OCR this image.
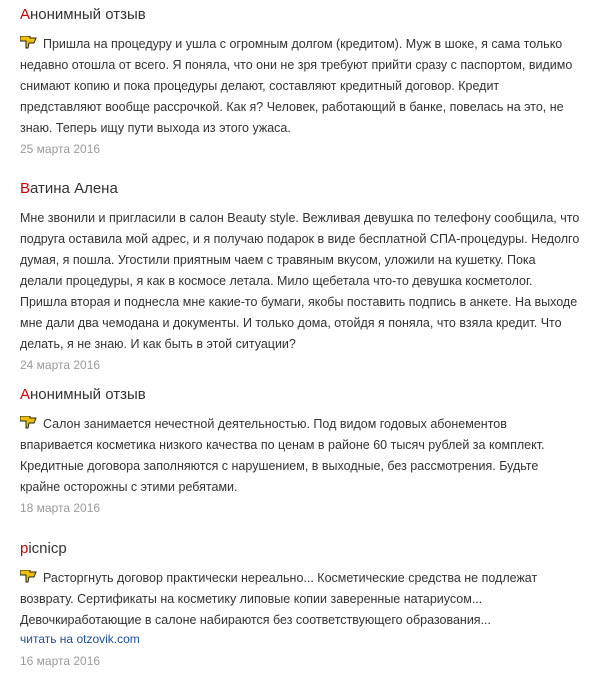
Анонимный отзыв

Пришла на процедуру и ушла с огромным долгом (кредитом). Муж в шоке, я сама только недавно отошла от всего. Я поняла, что они не зря требуют прийти сразу с паспортом, видимо снимают копию и пока процедуры делают, составляют кредитный договор. Кредит представляют вообще рассрочкой. Как я? Человек, работающий в банке, повелась на это, не знаю. Теперь ищу пути выхода из этого ужаса.

25 марта 2016
Ватина Алена

Мне звонили и пригласили в салон Beauty style. Вежливая девушка по телефону сообщила, что подруга оставила мой адрес, и я получаю подарок в виде бесплатной СПА-процедуры. Недолго думая, я пошла. Угостили приятным чаем с травяным вкусом, уложили на кушетку. Пока делали процедуры, я как в космосе летала. Мило щебетала что-то девушка косметолог. Пришла вторая и поднесла мне какие-то бумаги, якобы поставить подпись в анкете. На выходе мне дали два чемодана и документы. И только дома, отойдя я поняла, что взяла кредит. Что делать, я не знаю. И как быть в этой ситуации?

24 марта 2016
Анонимный отзыв

Салон занимается нечестной деятельностью. Под видом годовых абонементов впаривается косметика низкого качества по ценам в районе 60 тысяч рублей за комплект. Кредитные договора заполняются с нарушением, в выходные, без рассмотрения. Будьте крайне осторожны с этими ребятами.

18 марта 2016
picnicp

Расторгнуть договор практически нереально... Косметические средства не подлежат возврату. Сертификаты на косметику липовые копии заверенные натариусом... Девочкиработающие в салоне набираются без соответствующего образования...

читать на otzovik.com
16 марта 2016
